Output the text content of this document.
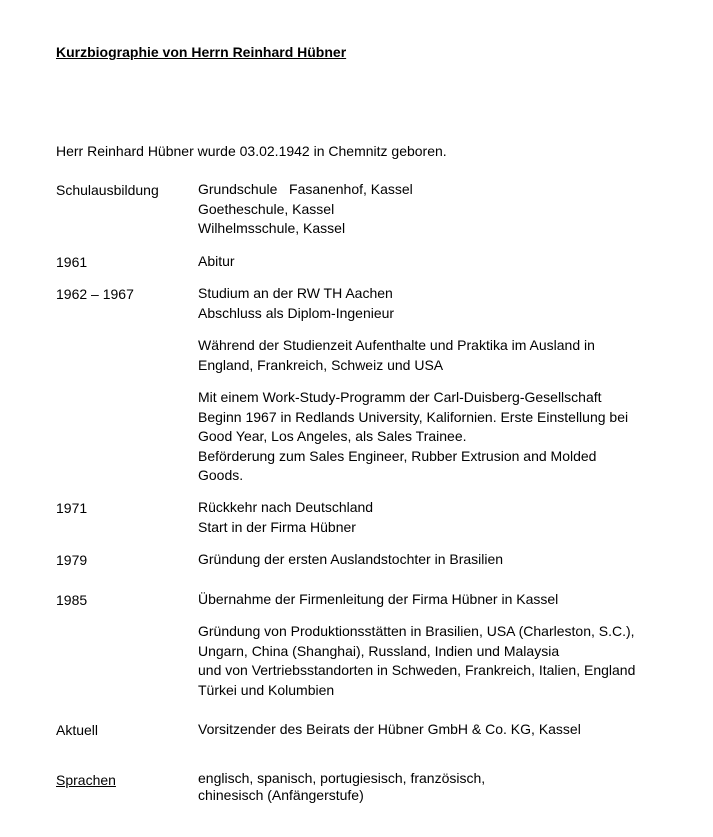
Kurzbiographie von Herrn Reinhard Hübner
Herr Reinhard Hübner wurde 03.02.1942 in Chemnitz geboren.
Schulausbildung	Grundschule   Fasanenhof, Kassel
Goetheschule, Kassel
Wilhelmsschule, Kassel
1961	Abitur
1962 – 1967	Studium an der RW TH Aachen
Abschluss als Diplom-Ingenieur
Während der Studienzeit Aufenthalte und Praktika im Ausland in
England, Frankreich, Schweiz und USA
Mit einem Work-Study-Programm der Carl-Duisberg-Gesellschaft
Beginn 1967 in Redlands University, Kalifornien. Erste Einstellung bei
Good Year, Los Angeles, als Sales Trainee.
Beförderung zum Sales Engineer, Rubber Extrusion and Molded
Goods.
1971	Rückkehr nach Deutschland
Start in der Firma Hübner
1979	Gründung der ersten Auslandstochter in Brasilien
1985	Übernahme der Firmenleitung der Firma Hübner in Kassel
Gründung von Produktionsstätten in Brasilien, USA (Charleston, S.C.),
Ungarn, China (Shanghai), Russland, Indien und Malaysia
und von Vertriebsstandorten in Schweden, Frankreich, Italien, England
Türkei und Kolumbien
Aktuell	Vorsitzender des Beirats der Hübner GmbH & Co. KG, Kassel
Sprachen	englisch, spanisch, portugiesisch, französisch,
chinesisch (Anfängerstufe)
